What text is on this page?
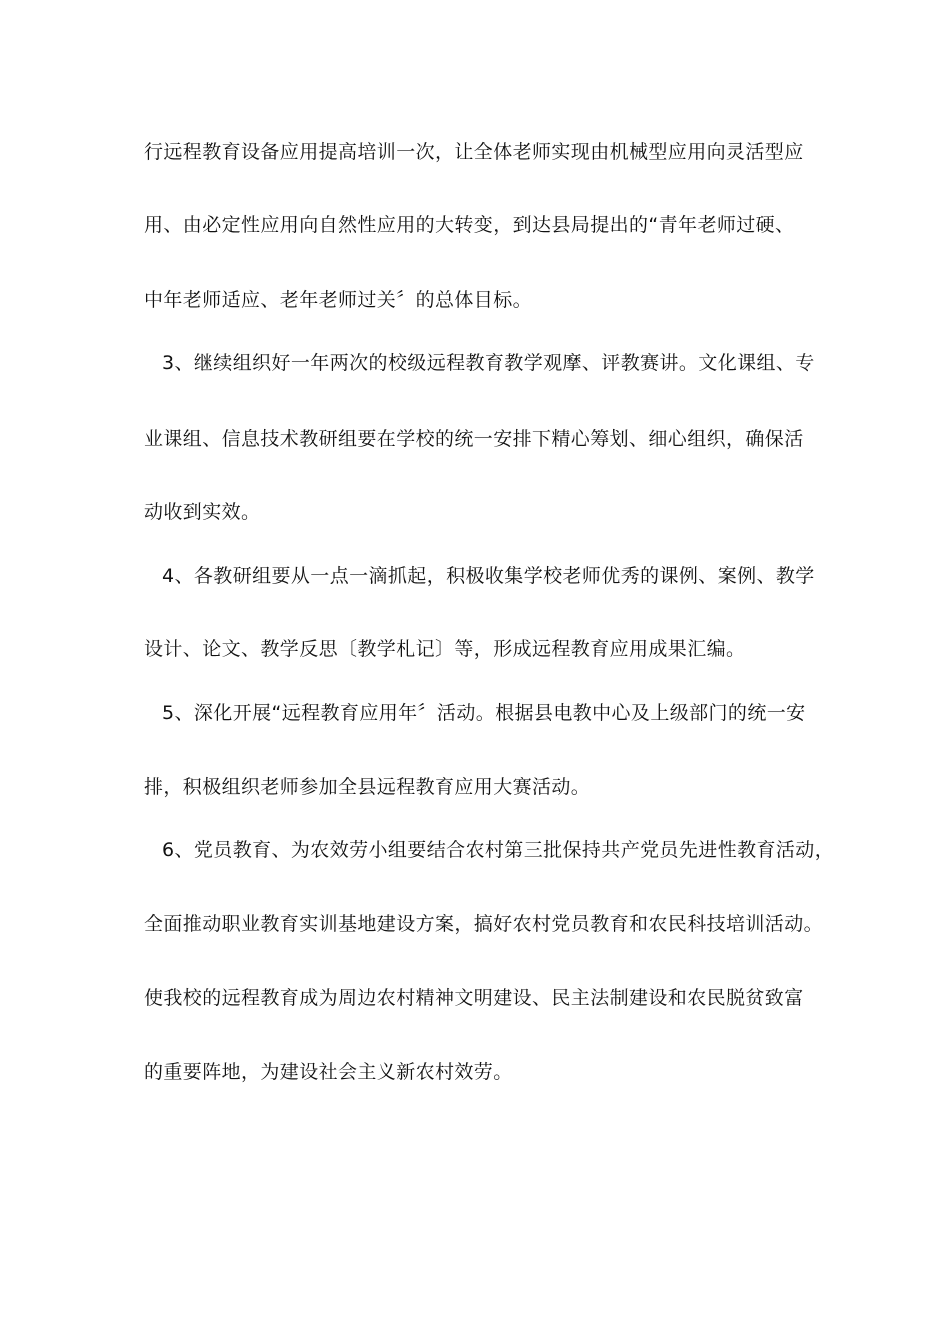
行远程教育设备应用提高培训一次，让全体老师实现由机械型应用向灵活型应
用、由必定性应用向自然性应用的大转变，到达县局提出的“青年老师过硬、
中年老师适应、老年老师过关〞的总体目标。
3、继续组织好一年两次的校级远程教育教学观摩、评教赛讲。文化课组、专
业课组、信息技术教研组要在学校的统一安排下精心筹划、细心组织，确保活
动收到实效。
4、各教研组要从一点一滴抓起，积极收集学校老师优秀的课例、案例、教学
设计、论文、教学反思〔教学札记〕等，形成远程教育应用成果汇编。
5、深化开展“远程教育应用年〞活动。根据县电教中心及上级部门的统一安
排，积极组织老师参加全县远程教育应用大赛活动。
6、党员教育、为农效劳小组要结合农村第三批保持共产党员先进性教育活动，
全面推动职业教育实训基地建设方案，搞好农村党员教育和农民科技培训活动。
使我校的远程教育成为周边农村精神文明建设、民主法制建设和农民脱贫致富
的重要阵地，为建设社会主义新农村效劳。
